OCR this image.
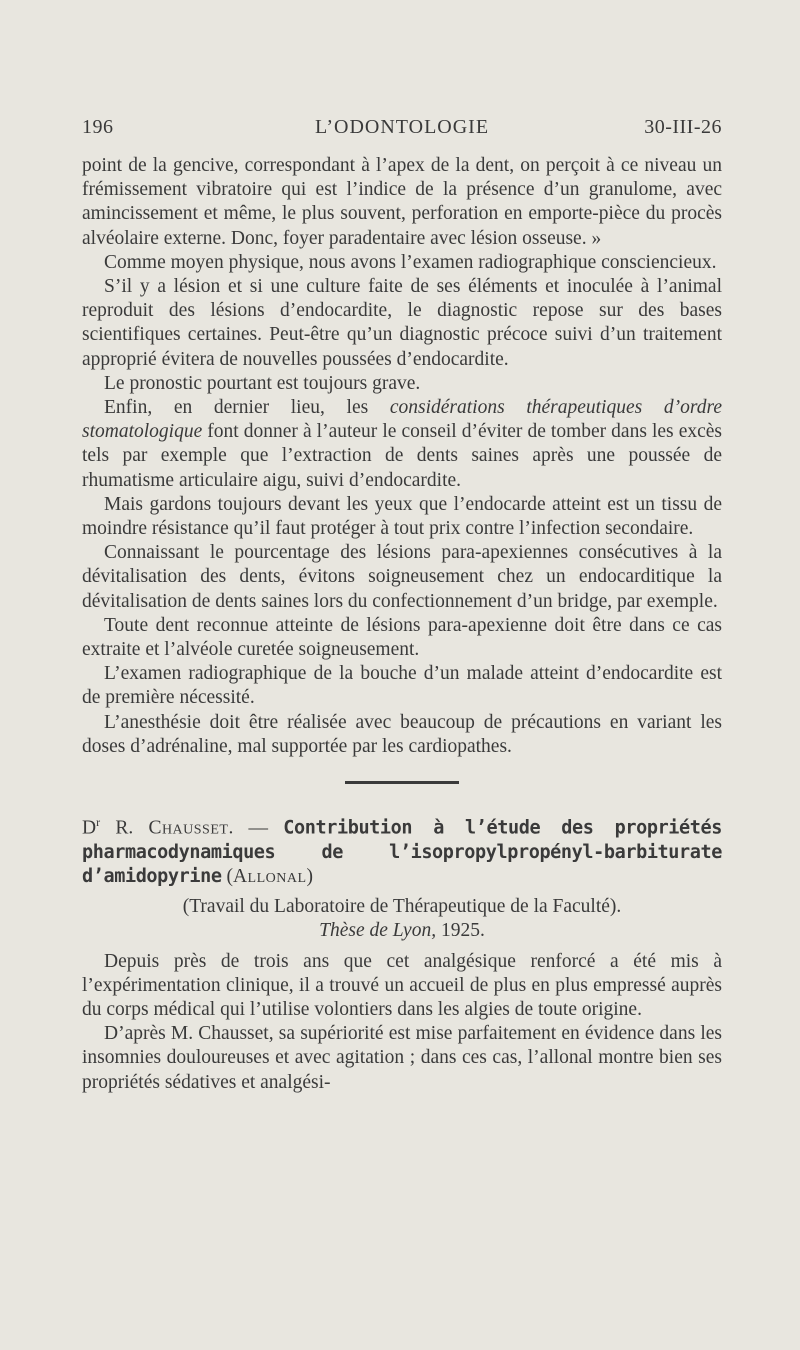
196	L’ODONTOLOGIE	30-III-26

point de la gencive, correspondant à l’apex de la dent, on perçoit à ce niveau un frémissement vibratoire qui est l’indice de la présence d’un granulome, avec amincissement et même, le plus souvent, perforation en emporte-pièce du procès alvéolaire externe. Donc, foyer paradentaire avec lésion osseuse. »

Comme moyen physique, nous avons l’examen radiographique consciencieux.

S’il y a lésion et si une culture faite de ses éléments et inoculée à l’animal reproduit des lésions d’endocardite, le diagnostic repose sur des bases scientifiques certaines. Peut-être qu’un diagnostic précoce suivi d’un traitement approprié évitera de nouvelles poussées d’endocardite.

Le pronostic pourtant est toujours grave.

Enfin, en dernier lieu, les considérations thérapeutiques d’ordre stomatologique font donner à l’auteur le conseil d’éviter de tomber dans les excès tels par exemple que l’extraction de dents saines après une poussée de rhumatisme articulaire aigu, suivi d’endocardite.

Mais gardons toujours devant les yeux que l’endocarde atteint est un tissu de moindre résistance qu’il faut protéger à tout prix contre l’infection secondaire.

Connaissant le pourcentage des lésions para-apexiennes consécutives à la dévitalisation des dents, évitons soigneusement chez un endocarditique la dévitalisation de dents saines lors du confectionnement d’un bridge, par exemple.

Toute dent reconnue atteinte de lésions para-apexienne doit être dans ce cas extraite et l’alvéole curetée soigneusement.

L’examen radiographique de la bouche d’un malade atteint d’endocardite est de première nécessité.

L’anesthésie doit être réalisée avec beaucoup de précautions en variant les doses d’adrénaline, mal supportée par les cardiopathes.

$D^r$ R. Chausset. — Contribution à l’étude des propriétés pharmacodynamiques de l’isopropylpropényl-barbiturate d’amidopyrine (Allonal)

(Travail du Laboratoire de Thérapeutique de la Faculté).

Thèse de Lyon, 1925.

Depuis près de trois ans que cet analgésique renforcé a été mis à l’expérimentation clinique, il a trouvé un accueil de plus en plus empressé auprès du corps médical qui l’utilise volontiers dans les algies de toute origine.

D’après M. Chausset, sa supériorité est mise parfaitement en évidence dans les insomnies douloureuses et avec agitation ; dans ces cas, l’allonal montre bien ses propriétés sédatives et analgési-
